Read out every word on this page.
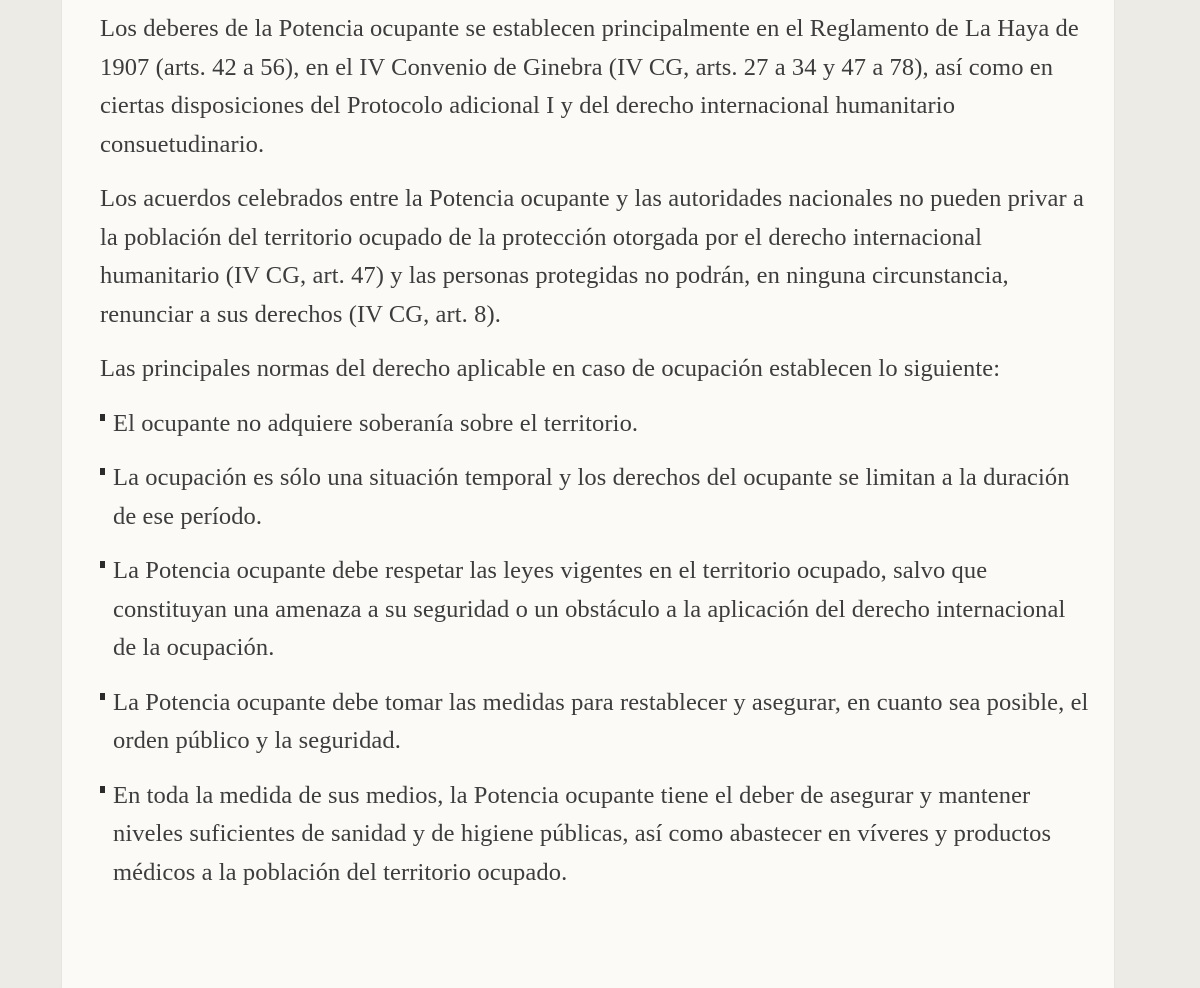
Los deberes de la Potencia ocupante se establecen principalmente en el Reglamento de La Haya de 1907 (arts. 42 a 56), en el IV Convenio de Ginebra (IV CG, arts. 27 a 34 y 47 a 78), así como en ciertas disposiciones del Protocolo adicional I y del derecho internacional humanitario consuetudinario.

Los acuerdos celebrados entre la Potencia ocupante y las autoridades nacionales no pueden privar a la población del territorio ocupado de la protección otorgada por el derecho internacional humanitario (IV CG, art. 47) y las personas protegidas no podrán, en ninguna circunstancia, renunciar a sus derechos (IV CG, art. 8).

Las principales normas del derecho aplicable en caso de ocupación establecen lo siguiente:

El ocupante no adquiere soberanía sobre el territorio.
La ocupación es sólo una situación temporal y los derechos del ocupante se limitan a la duración de ese período.
La Potencia ocupante debe respetar las leyes vigentes en el territorio ocupado, salvo que constituyan una amenaza a su seguridad o un obstáculo a la aplicación del derecho internacional de la ocupación.
La Potencia ocupante debe tomar las medidas para restablecer y asegurar, en cuanto sea posible, el orden público y la seguridad.
En toda la medida de sus medios, la Potencia ocupante tiene el deber de asegurar y mantener niveles suficientes de sanidad y de higiene públicas, así como abastecer en víveres y productos médicos a la población del territorio ocupado.
